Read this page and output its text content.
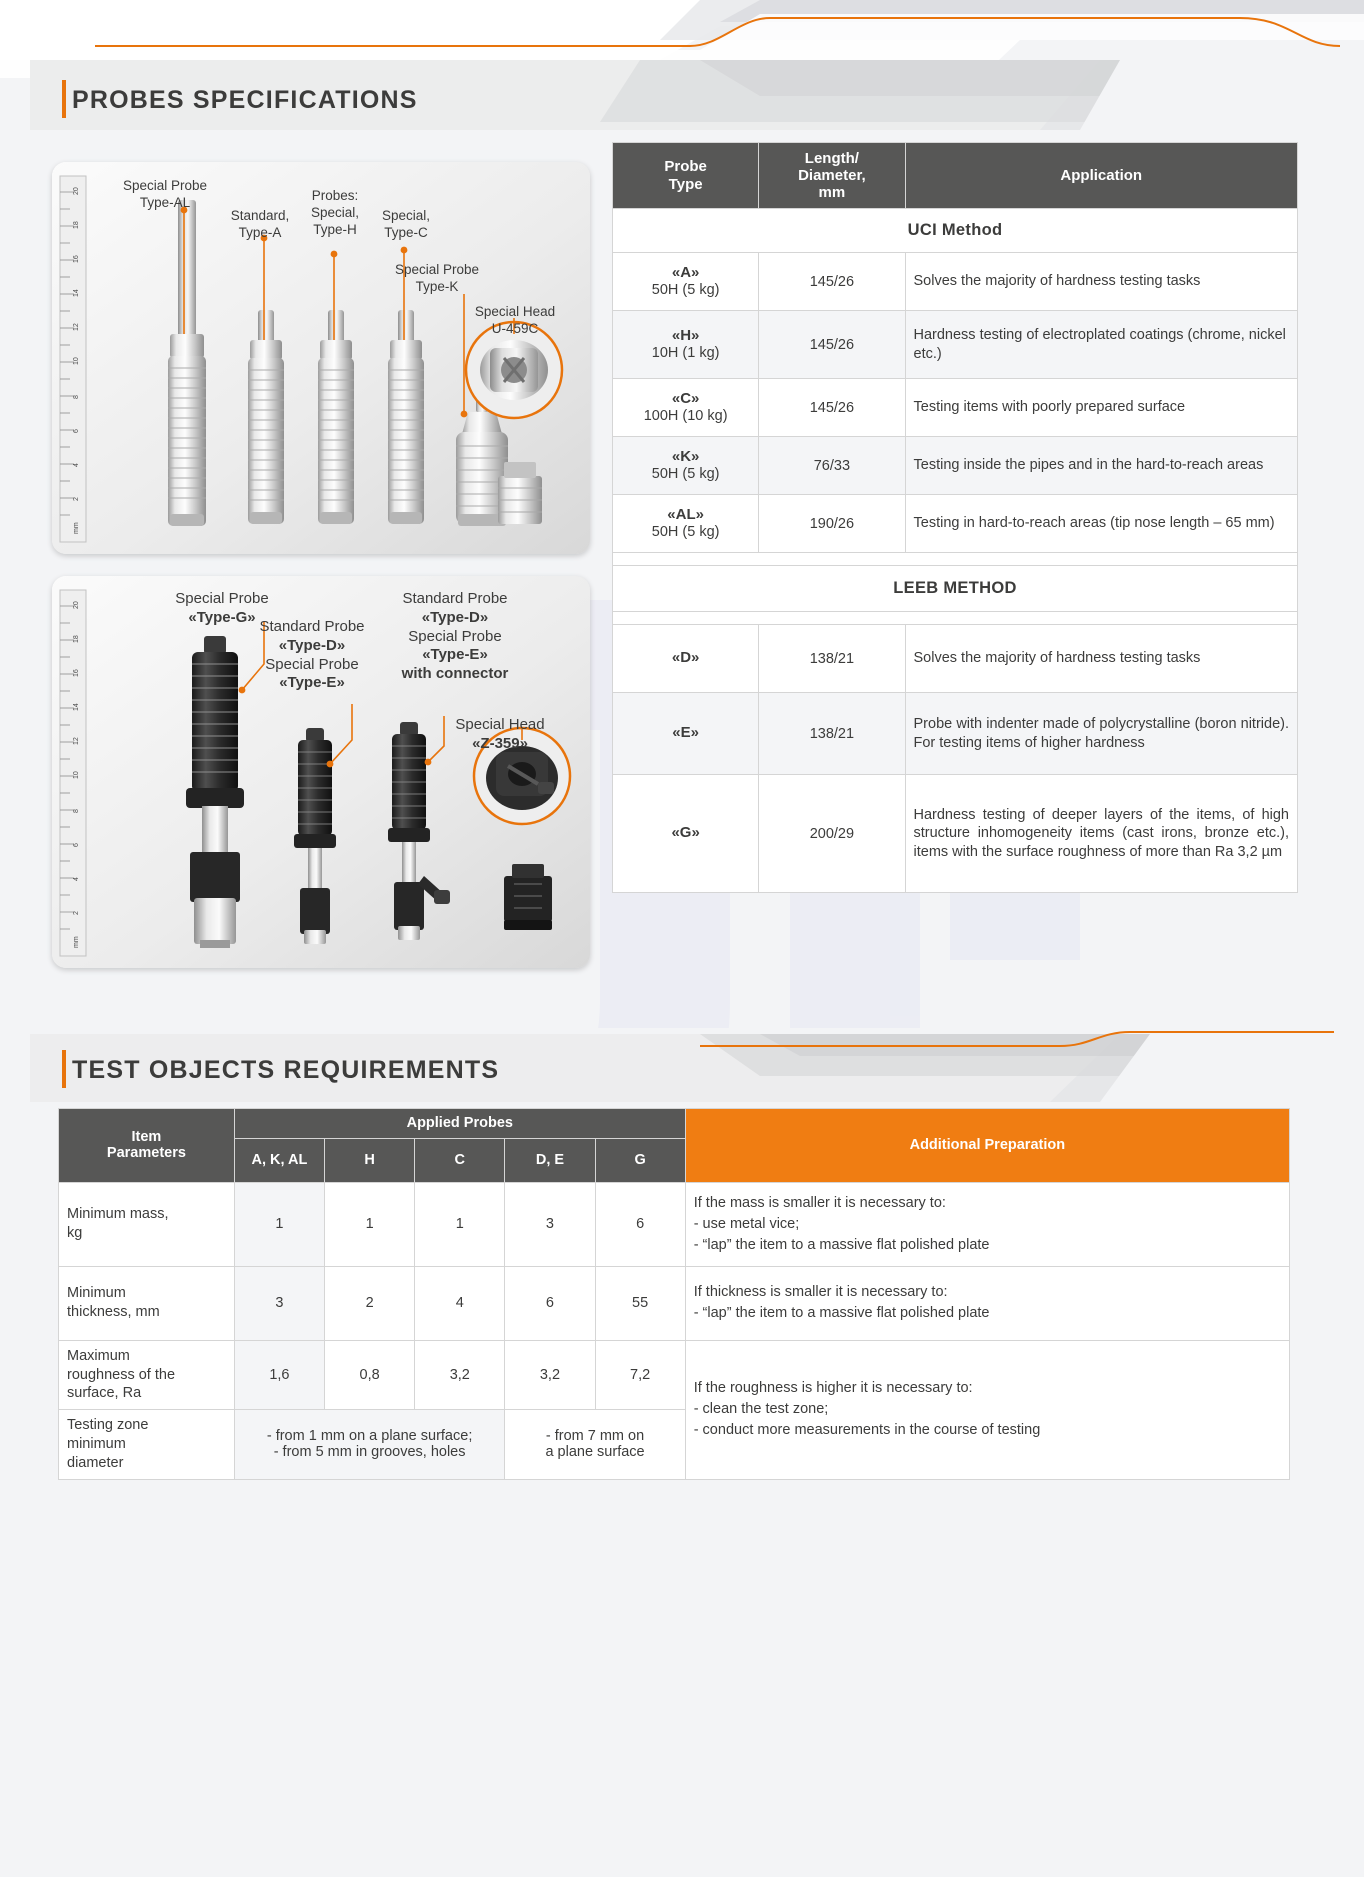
PROBES SPECIFICATIONS
20
18
16
14
12
10
8
6
4
2
mm
Special Probe
Type-AL
Standard,
Type-A
Probes:
Special,
Type-H
Special,
Type-C
Special Probe
Type-K
Special Head
U-459C
20
18
16
14
12
10
8
6
4
2
mm
Special Probe
«Type-G»
Standard Probe
«Type-D»
Special Probe
«Type-E»
Standard Probe
«Type-D»
Special Probe
«Type-E»
with connector
Special Head
«Z-359»
Probe
Type	Length/
Diameter,
mm	Application
UCI Method		
«A»
50H (5 kg)	145/26	Solves the majority of hardness testing tasks
«H»
10H (1 kg)	145/26	Hardness testing of electroplated coatings (chrome, nickel etc.)
«C»
100H (10 kg)	145/26	Testing items with poorly prepared surface
«K»
50H (5 kg)	76/33	Testing inside the pipes and in the hard-to-reach areas
«AL»
50H (5 kg)	190/26	Testing in hard-to-reach areas (tip nose length – 65 mm)

LEEB METHOD		

«D»	138/21	Solves the majority of hardness testing tasks
«E»	138/21	Probe with indenter made of polycrystalline (boron nitride). For testing items of higher hardness
«G»	200/29	Hardness testing of deeper layers of the items, of high structure inhomogeneity items (cast irons, bronze etc.), items with the surface roughness of more than Ra 3,2 µm
TEST OBJECTS REQUIREMENTS
Item
Parameters	Applied Probes					Additional Preparation
	A, K, AL	H	C	D, E	G	
Minimum mass,
kg	1	1	1	3	6	If the mass is smaller it is necessary to:
- use metal vice;
- “lap” the item to a massive flat polished plate
Minimum
thickness, mm	3	2	4	6	55	If thickness is smaller it is necessary to:
- “lap” the item to a massive flat polished plate
Maximum
roughness of the
surface, Ra	1,6	0,8	3,2	3,2	7,2	If the roughness is higher it is necessary to:
- clean the test zone;
- conduct more measurements in the course of testing
Testing zone
minimum
diameter	- from 1 mm on a plane surface;
- from 5 mm in grooves, holes			- from 7 mm on
a plane surface		
